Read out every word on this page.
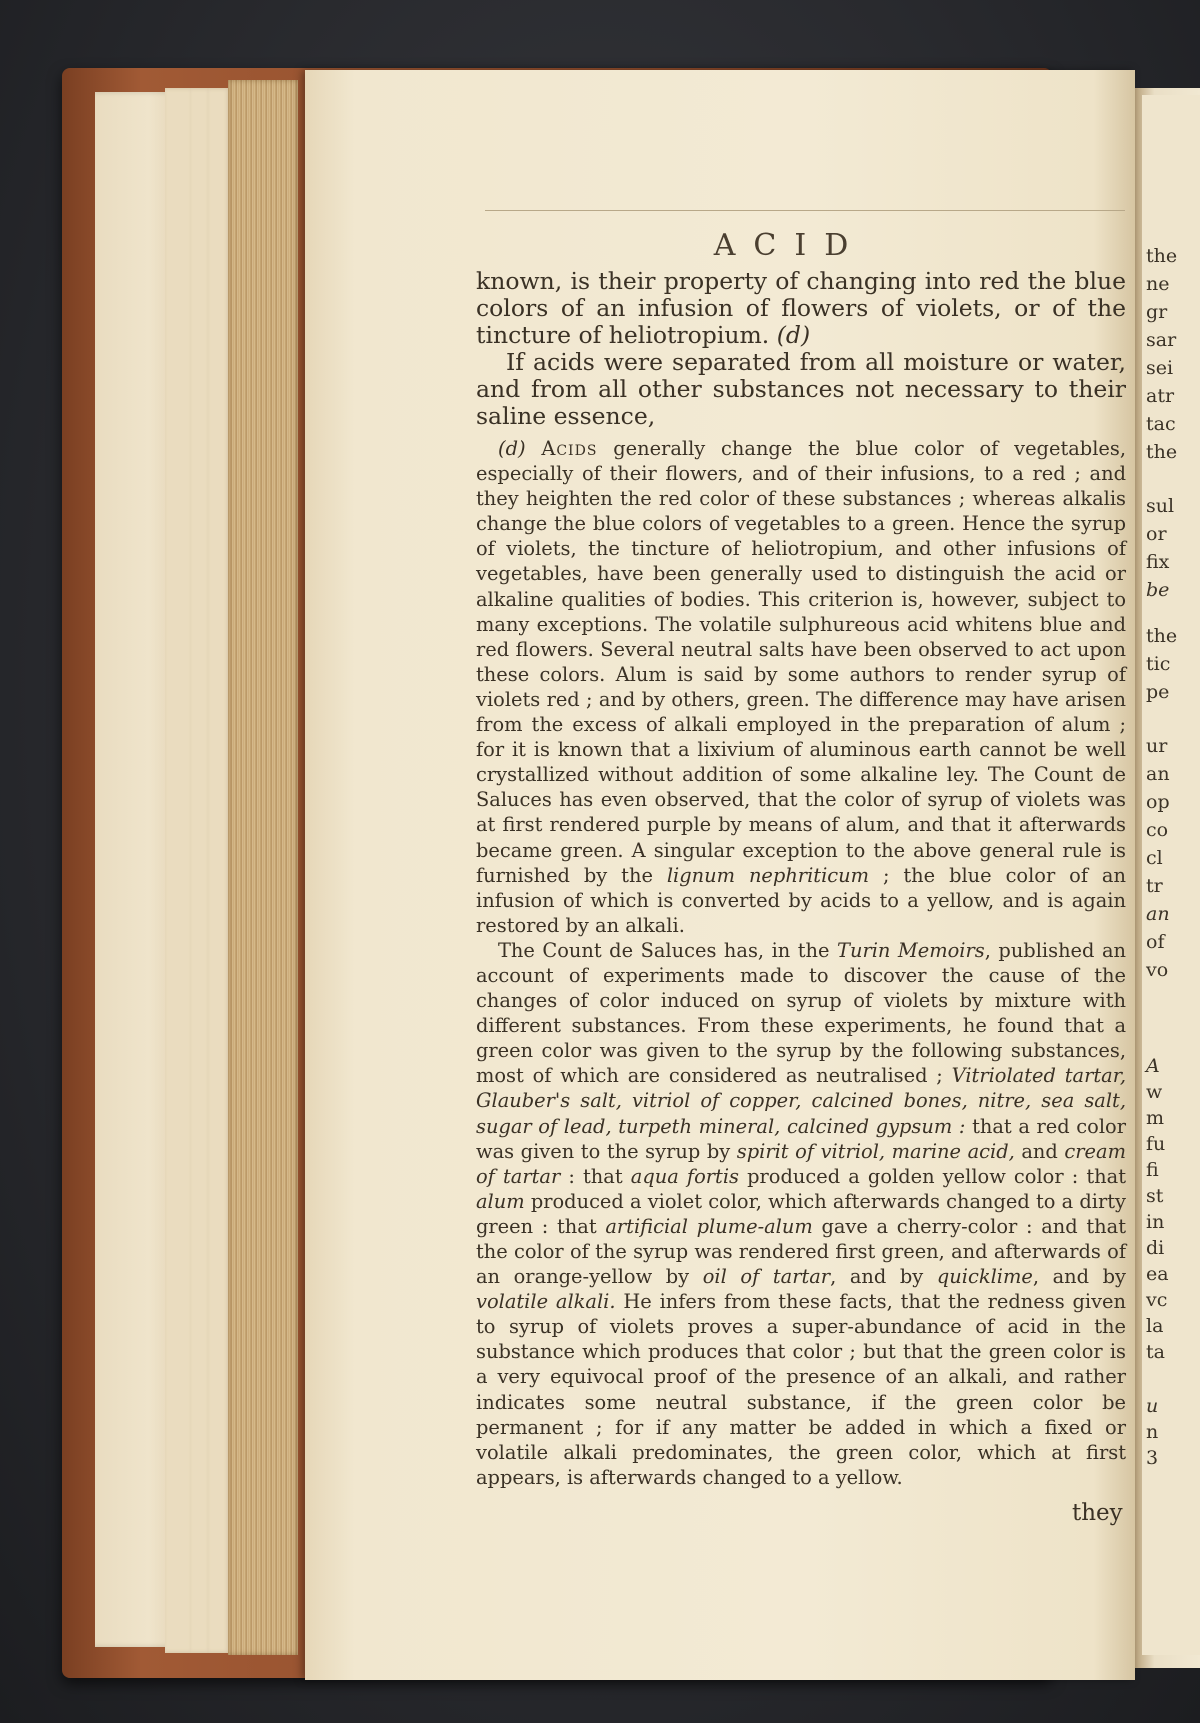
the
ne
gr
sar
sei
atr
tac
the
sul
or
fix
be
the
tic
pe
ur
an
op
co
cl
tr
an
of
vo
A
w
m
fu
fi
st
in
di
ea
vc
la
ta
u
n
3
ACID

known, is their property of changing into red the blue colors of an infusion of flowers of violets, or of the tincture of heliotropium. (d)

If acids were separated from all moisture or water, and from all other substances not necessary to their saline essence,

(d) Acids generally change the blue color of vegetables, especially of their flowers, and of their infusions, to a red ; and they heighten the red color of these substances ; whereas alkalis change the blue colors of vegetables to a green. Hence the syrup of violets, the tincture of heliotropium, and other infusions of vegetables, have been generally used to distinguish the acid or alkaline qualities of bodies. This criterion is, however, subject to many exceptions. The volatile sulphureous acid whitens blue and red flowers. Several neutral salts have been observed to act upon these colors. Alum is said by some authors to render syrup of violets red ; and by others, green. The difference may have arisen from the excess of alkali employed in the preparation of alum ; for it is known that a lixivium of aluminous earth cannot be well crystallized without addition of some alkaline ley. The Count de Saluces has even observed, that the color of syrup of violets was at first rendered purple by means of alum, and that it afterwards became green. A singular exception to the above general rule is furnished by the lignum nephriticum ; the blue color of an infusion of which is converted by acids to a yellow, and is again restored by an alkali.

The Count de Saluces has, in the Turin Memoirs, published an account of experiments made to discover the cause of the changes of color induced on syrup of violets by mixture with different substances. From these experiments, he found that a green color was given to the syrup by the following substances, most of which are considered as neutralised ; Vitriolated tartar, Glauber's salt, vitriol of copper, calcined bones, nitre, sea salt, sugar of lead, turpeth mineral, calcined gypsum : that a red color was given to the syrup by spirit of vitriol, marine acid, and cream of tartar : that aqua fortis produced a golden yellow color : that alum produced a violet color, which afterwards changed to a dirty green : that artificial plume-alum gave a cherry-color : and that the color of the syrup was rendered first green, and afterwards of an orange-yellow by oil of tartar, and by quicklime, and by volatile alkali. He infers from these facts, that the redness given to syrup of violets proves a super-abundance of acid in the substance which produces that color ; but that the green color is a very equivocal proof of the presence of an alkali, and rather indicates some neutral substance, if the green color be permanent ; for if any matter be added in which a fixed or volatile alkali predominates, the green color, which at first appears, is afterwards changed to a yellow.

they
